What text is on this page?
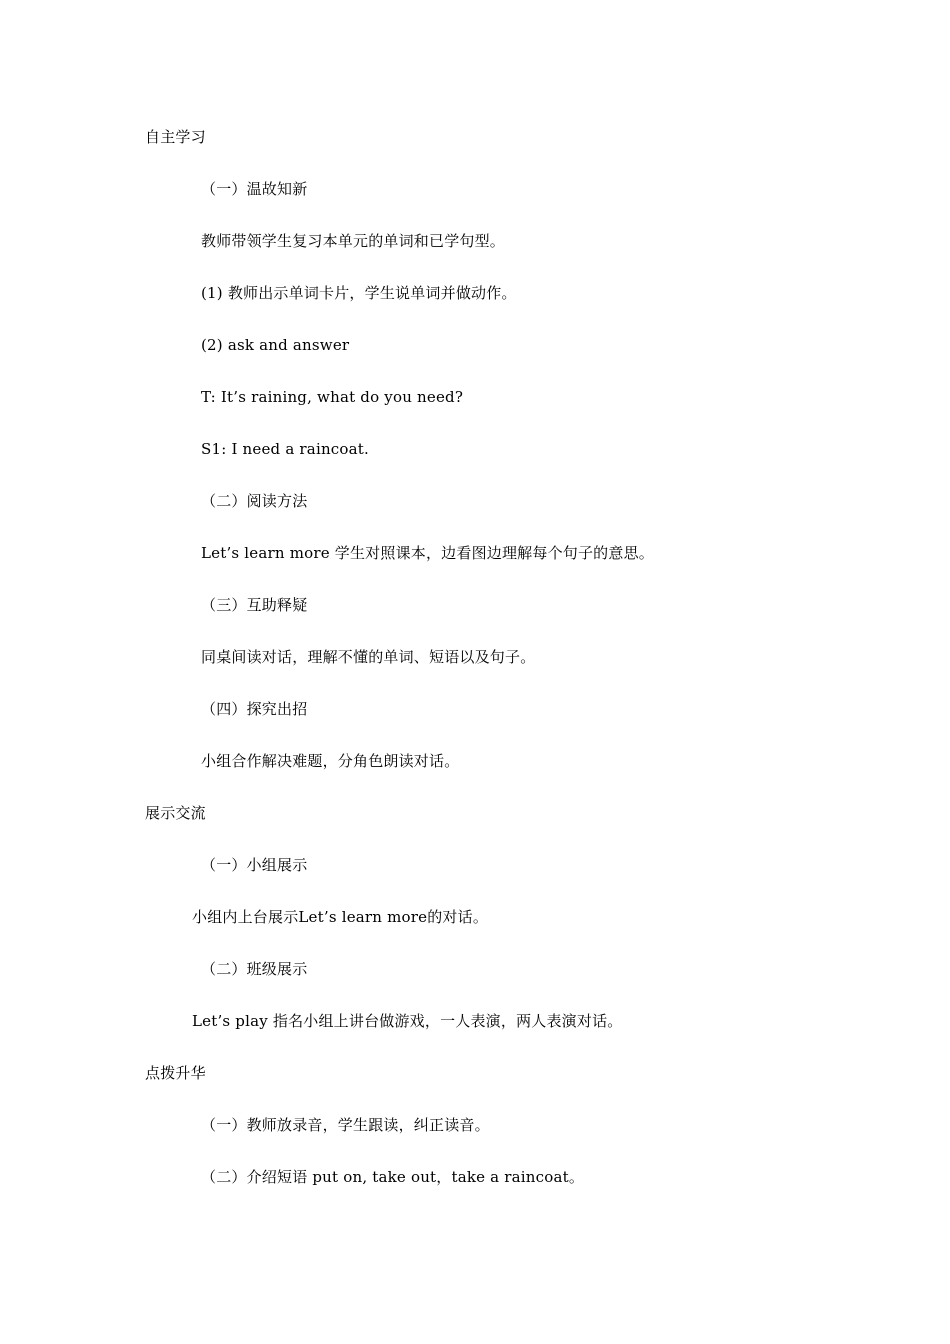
自主学习
（一）温故知新
教师带领学生复习本单元的单词和已学句型。
(1) 教师出示单词卡片，学生说单词并做动作。
(2) ask and answer
T: It’s raining, what do you need?
S1: I need a raincoat.
（二）阅读方法
Let’s learn more 学生对照课本，边看图边理解每个句子的意思。
（三）互助释疑
同桌间读对话，理解不懂的单词、短语以及句子。
（四）探究出招
小组合作解决难题，分角色朗读对话。
展示交流
（一）小组展示
小组内上台展示Let’s learn more的对话。
（二）班级展示
Let’s play 指名小组上讲台做游戏，一人表演，两人表演对话。
点拨升华
（一）教师放录音，学生跟读，纠正读音。
（二）介绍短语 put on, take out，take a raincoat。
